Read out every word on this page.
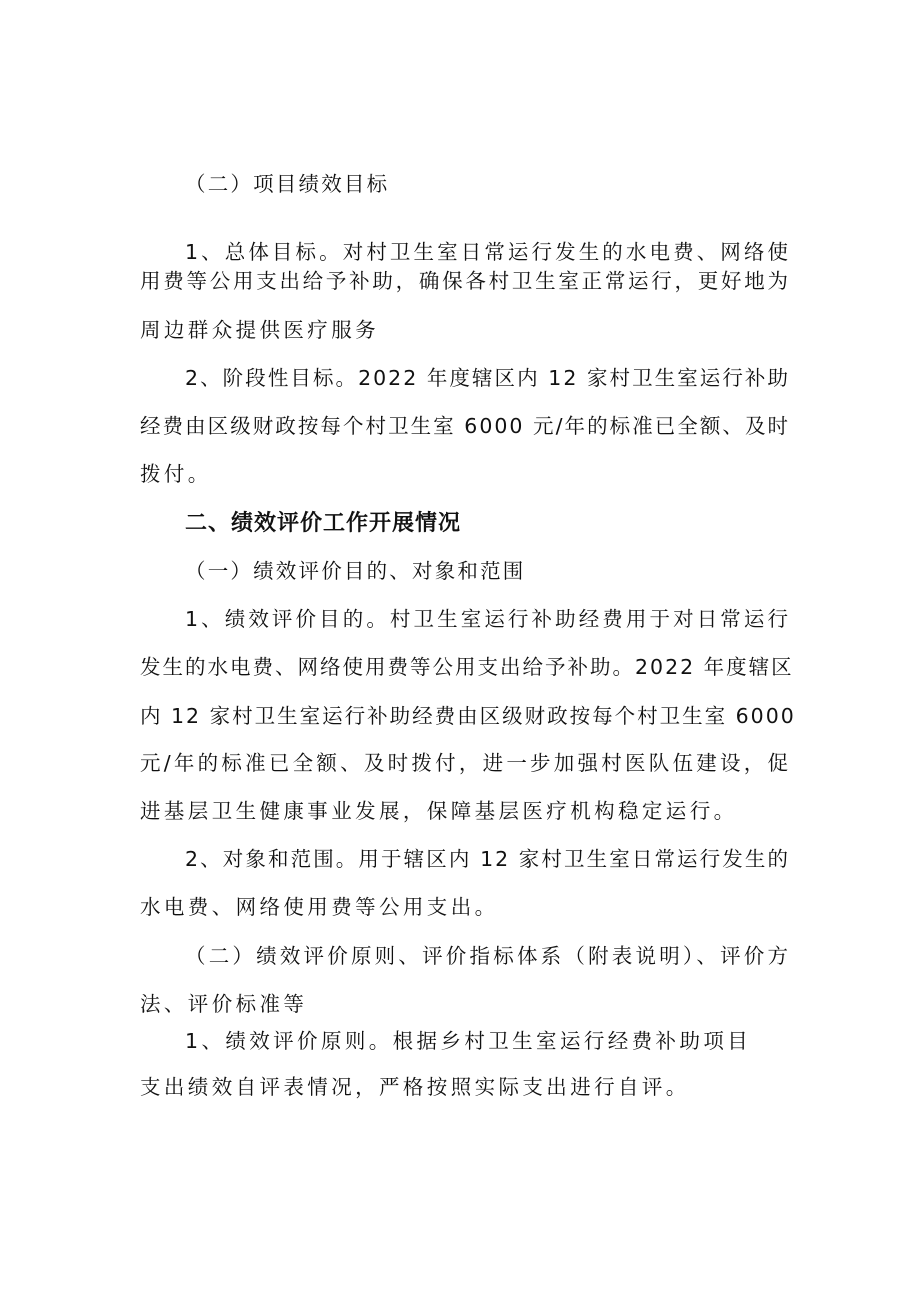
（二）项目绩效目标
1、总体目标。对村卫生室日常运行发生的水电费、网络使
用费等公用支出给予补助，确保各村卫生室正常运行，更好地为
周边群众提供医疗服务
2、阶段性目标。2022 年度辖区内 12 家村卫生室运行补助
经费由区级财政按每个村卫生室 6000 元/年的标准已全额、及时
拨付。
二、绩效评价工作开展情况
（一）绩效评价目的、对象和范围
1、绩效评价目的。村卫生室运行补助经费用于对日常运行
发生的水电费、网络使用费等公用支出给予补助。2022 年度辖区
内 12 家村卫生室运行补助经费由区级财政按每个村卫生室 6000
元/年的标准已全额、及时拨付，进一步加强村医队伍建设，促
进基层卫生健康事业发展，保障基层医疗机构稳定运行。
2、对象和范围。用于辖区内 12 家村卫生室日常运行发生的
水电费、网络使用费等公用支出。
（二）绩效评价原则、评价指标体系（附表说明）、评价方
法、评价标准等
1、绩效评价原则。根据乡村卫生室运行经费补助项目
支出绩效自评表情况，严格按照实际支出进行自评。
